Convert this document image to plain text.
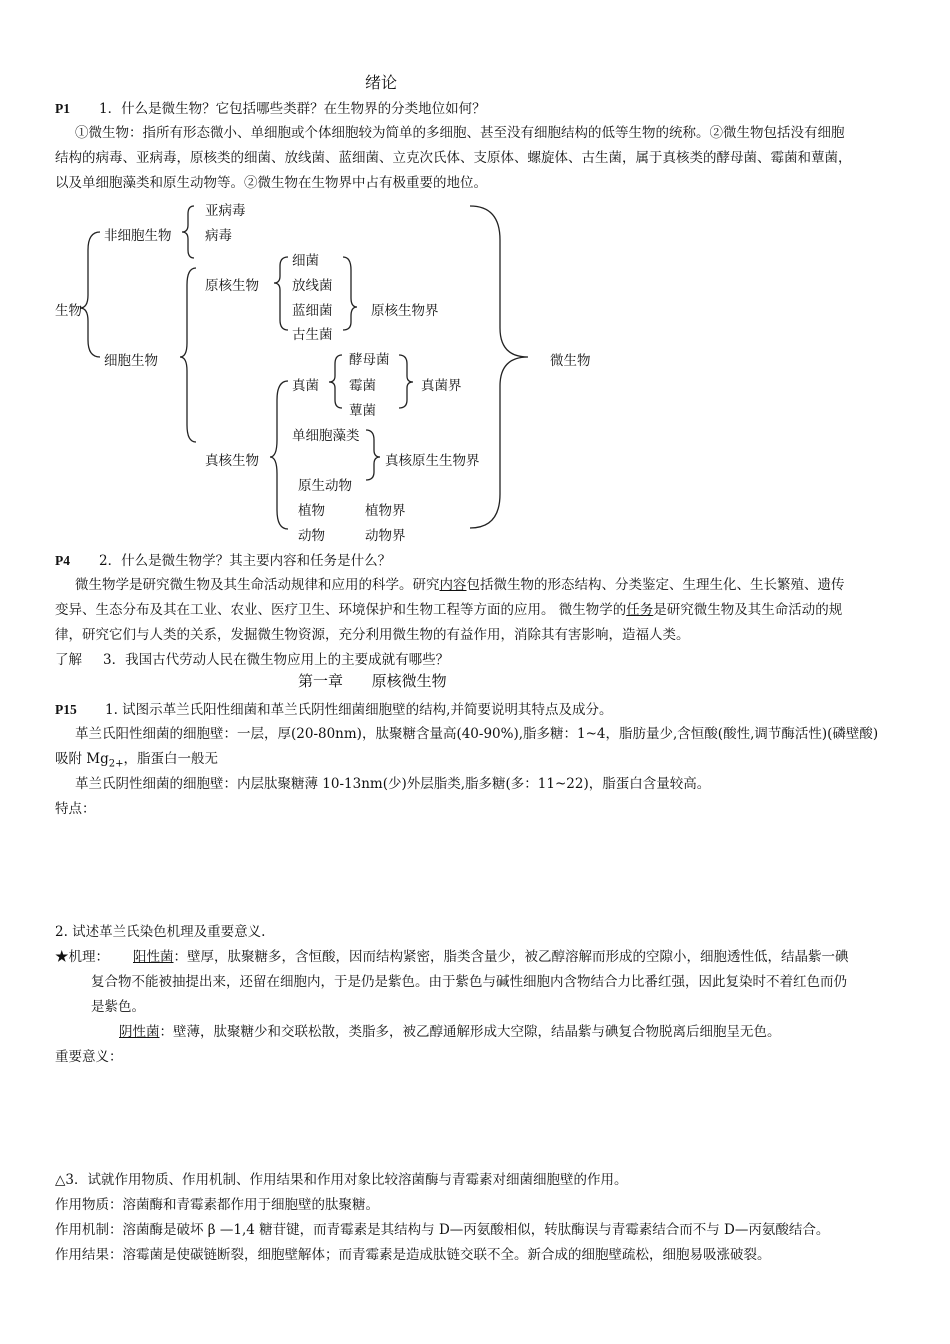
绪论
P1 1．什么是微生物？它包括哪些类群？在生物界的分类地位如何？
①微生物：指所有形态微小、单细胞或个体细胞较为简单的多细胞、甚至没有细胞结构的低等生物的统称。②微生物包括没有细胞
结构的病毒、亚病毒，原核类的细菌、放线菌、蓝细菌、立克次氏体、支原体、螺旋体、古生菌，属于真核类的酵母菌、霉菌和蕈菌，
以及单细胞藻类和原生动物等。②微生物在生物界中占有极重要的地位。
生物
非细胞生物
亚病毒
病毒
细胞生物
原核生物
细菌
放线菌
蓝细菌
古生菌
原核生物界
真菌
酵母菌
霉菌
蕈菌
真菌界
真核生物
单细胞藻类
真核原生生物界
原生动物
植物	植物界
动物	动物界
微生物
P4 2．什么是微生物学？其主要内容和任务是什么？
微生物学是研究微生物及其生命活动规律和应用的科学。研究内容包括微生物的形态结构、分类鉴定、生理生化、生长繁殖、遗传
变异、生态分布及其在工业、农业、医疗卫生、环境保护和生物工程等方面的应用。 微生物学的任务是研究微生物及其生命活动的规
律，研究它们与人类的关系，发掘微生物资源，充分利用微生物的有益作用，消除其有害影响，造福人类。
了解 3．我国古代劳动人民在微生物应用上的主要成就有哪些？
第一章      原核微生物
P15 1. 试图示革兰氏阳性细菌和革兰氏阴性细菌细胞壁的结构,并简要说明其特点及成分。
革兰氏阳性细菌的细胞壁：一层，厚(20-80nm)，肽聚糖含量高(40-90%),脂多糖：1~4，脂肪量少,含恒酸(酸性,调节酶活性)(磷壁酸)
吸附 $Mg_{2+}$，脂蛋白一般无
革兰氏阴性细菌的细胞壁：内层肽聚糖薄 10-13nm(少)外层脂类,脂多糖(多：11~22)，脂蛋白含量较高。
特点：
2. 试述革兰氏染色机理及重要意义.
★机理： 阳性菌：壁厚，肽聚糖多，含恒酸，因而结构紧密，脂类含量少，被乙醇溶解而形成的空隙小，细胞透性低，结晶紫一碘
复合物不能被抽提出来，还留在细胞内，于是仍是紫色。由于紫色与碱性细胞内含物结合力比番红强，因此复染时不着红色而仍
是紫色。
阴性菌：壁薄，肽聚糖少和交联松散，类脂多，被乙醇通解形成大空隙，结晶紫与碘复合物脱离后细胞呈无色。
重要意义：
△3．试就作用物质、作用机制、作用结果和作用对象比较溶菌酶与青霉素对细菌细胞壁的作用。
作用物质：溶菌酶和青霉素都作用于细胞壁的肽聚糖。
作用机制：溶菌酶是破坏 β —1,4 糖苷键，而青霉素是其结构与 D—丙氨酸相似，转肽酶误与青霉素结合而不与 D—丙氨酸结合。
作用结果：溶霉菌是使碳链断裂，细胞壁解体；而青霉素是造成肽链交联不全。新合成的细胞壁疏松，细胞易吸涨破裂。
